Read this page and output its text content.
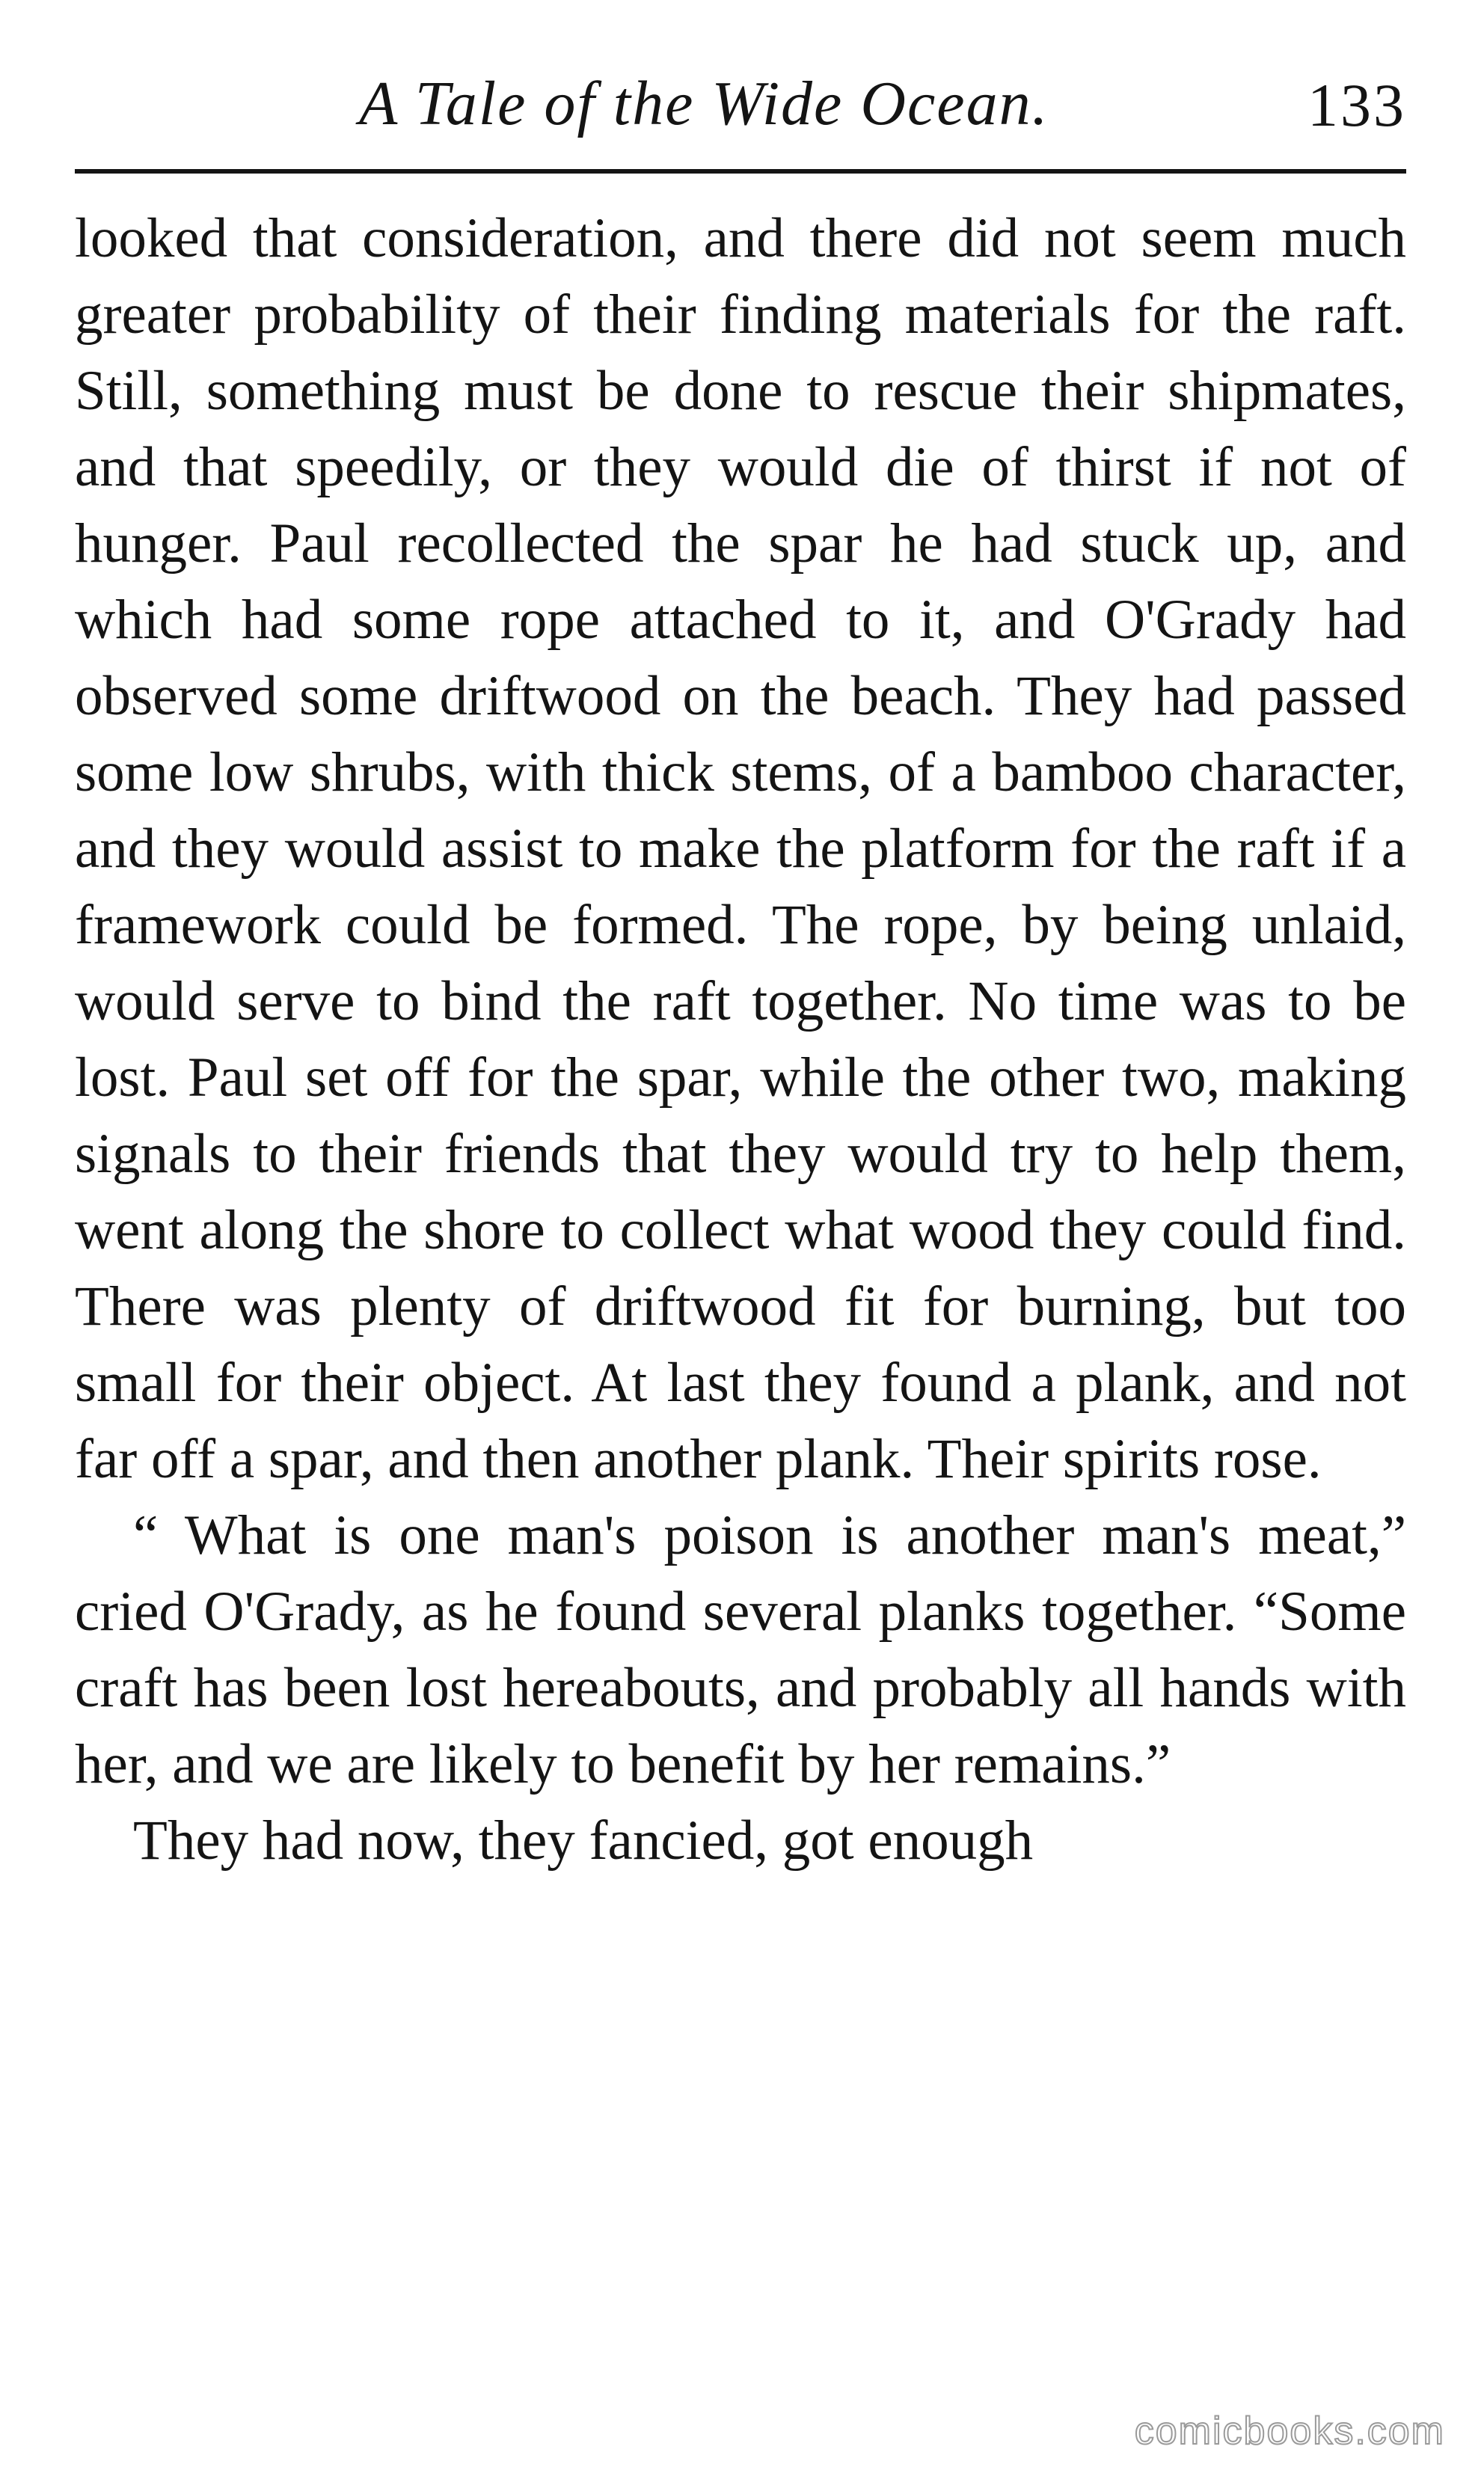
A Tale of the Wide Ocean.	133

looked that consideration, and there did not seem much greater probability of their finding materials for the raft. Still, something must be done to rescue their shipmates, and that speedily, or they would die of thirst if not of hunger. Paul recollected the spar he had stuck up, and which had some rope attached to it, and O'Grady had observed some driftwood on the beach. They had passed some low shrubs, with thick stems, of a bamboo character, and they would assist to make the platform for the raft if a framework could be formed. The rope, by being unlaid, would serve to bind the raft together. No time was to be lost. Paul set off for the spar, while the other two, making signals to their friends that they would try to help them, went along the shore to collect what wood they could find. There was plenty of driftwood fit for burning, but too small for their object. At last they found a plank, and not far off a spar, and then another plank. Their spirits rose.

“ What is one man's poison is another man's meat,” cried O'Grady, as he found several planks together. “Some craft has been lost hereabouts, and probably all hands with her, and we are likely to benefit by her remains.”

They had now, they fancied, got enough

comicbooks.com
